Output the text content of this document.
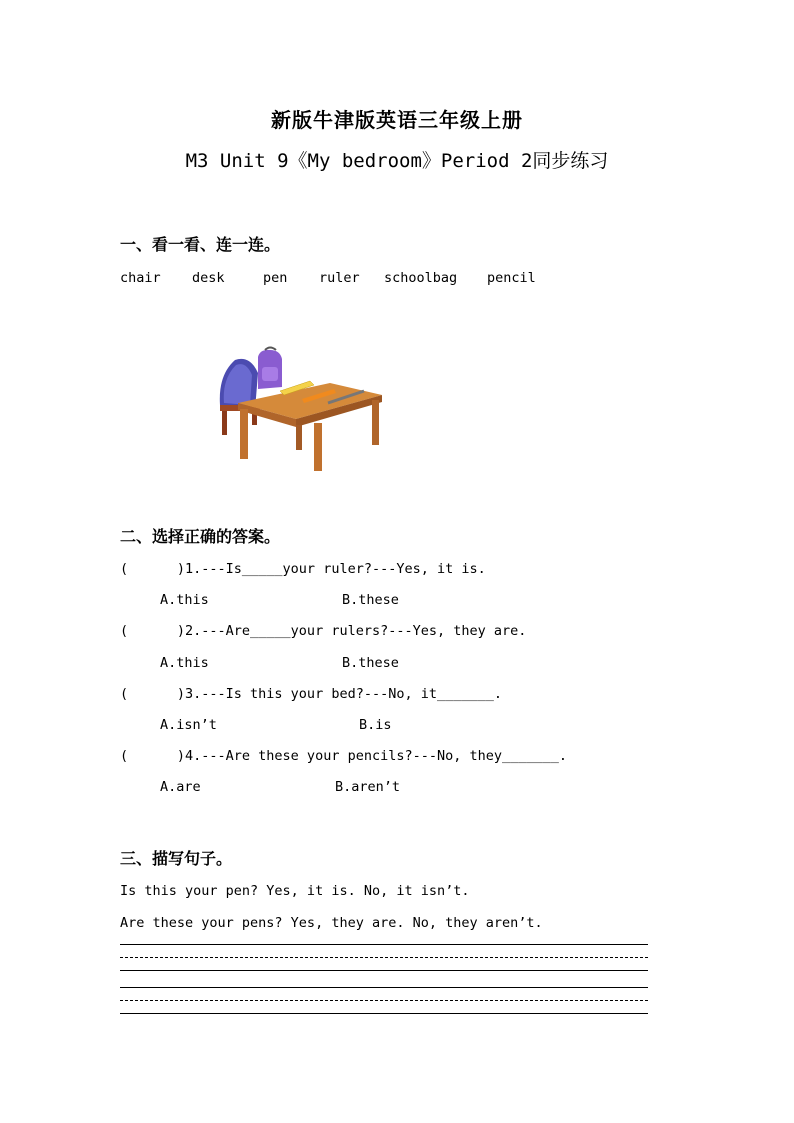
新版牛津版英语三年级上册
M3 Unit 9《My bedroom》Period 2同步练习
一、看一看、连一连。
chair desk	pen ruler schoolbag pencil
二、选择正确的答案。
(      )1.---Is_____your ruler?---Yes, it is.
A.this	B.these
(      )2.---Are_____your rulers?---Yes, they are.
A.this	B.these
(      )3.---Is this your bed?---No, it_______.
A.isn’t	B.is
(      )4.---Are these your pencils?---No, they_______.
A.are	B.aren’t
三、描写句子。
Is this your pen? Yes, it is. No, it isn’t.
Are these your pens? Yes, they are. No, they aren’t.
